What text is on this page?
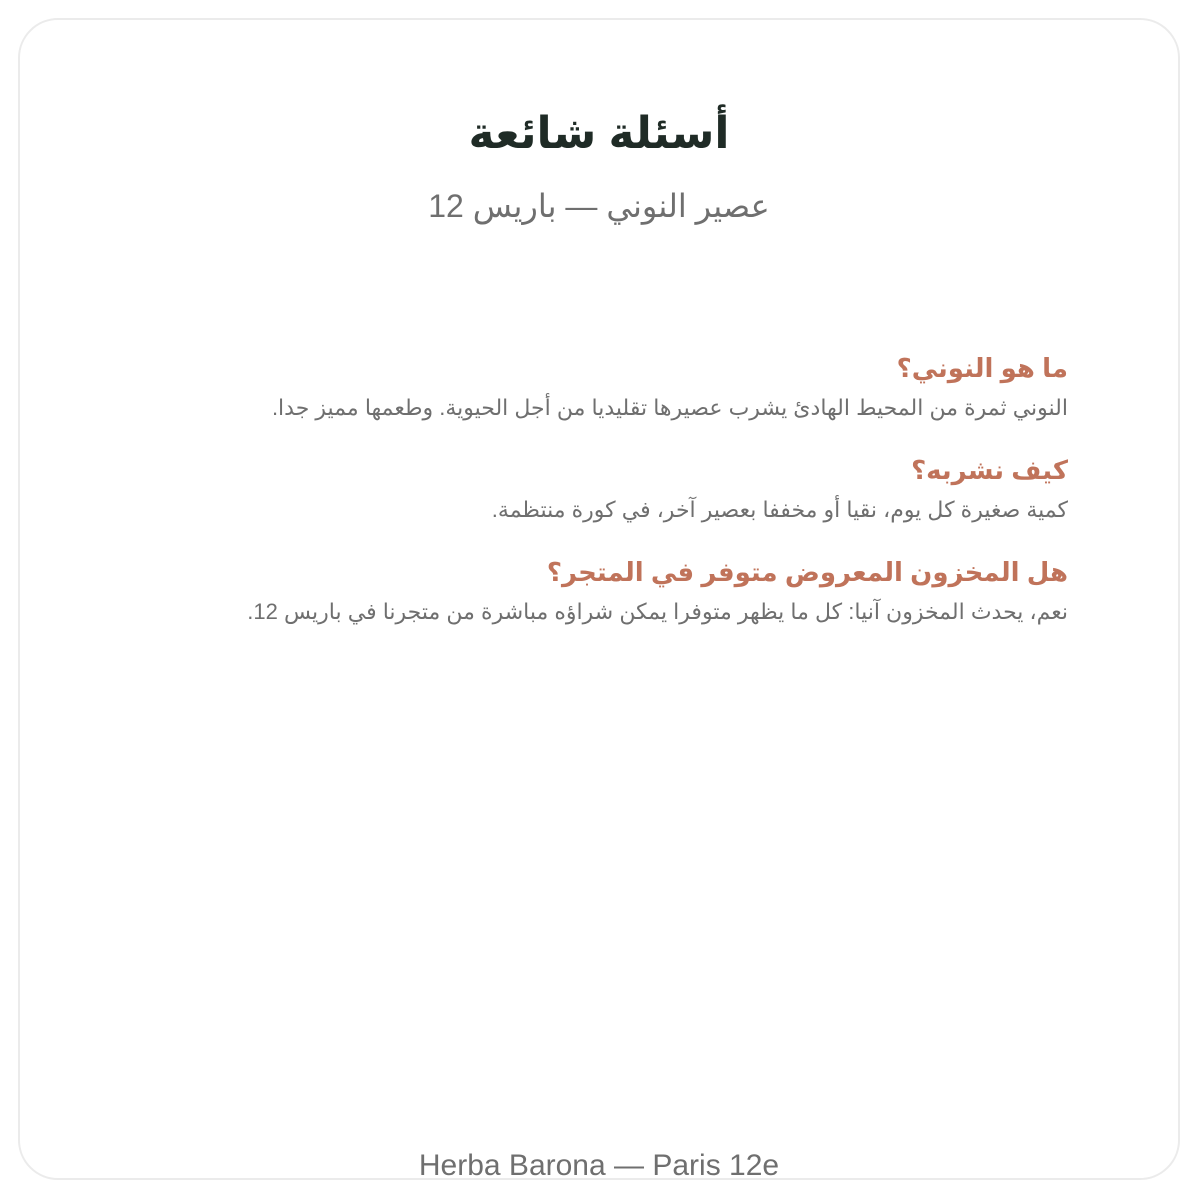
أسئلة شائعة
عصير النوني — باريس 12
ما هو النوني؟
النوني ثمرة من المحيط الهادئ يشرب عصيرها تقليديا من أجل الحيوية. وطعمها مميز جدا.
كيف نشربه؟
كمية صغيرة كل يوم، نقيا أو مخففا بعصير آخر، في كورة منتظمة.
هل المخزون المعروض متوفر في المتجر؟
نعم، يحدث المخزون آنيا: كل ما يظهر متوفرا يمكن شراؤه مباشرة من متجرنا في باريس 12.
Herba Barona — Paris 12e
